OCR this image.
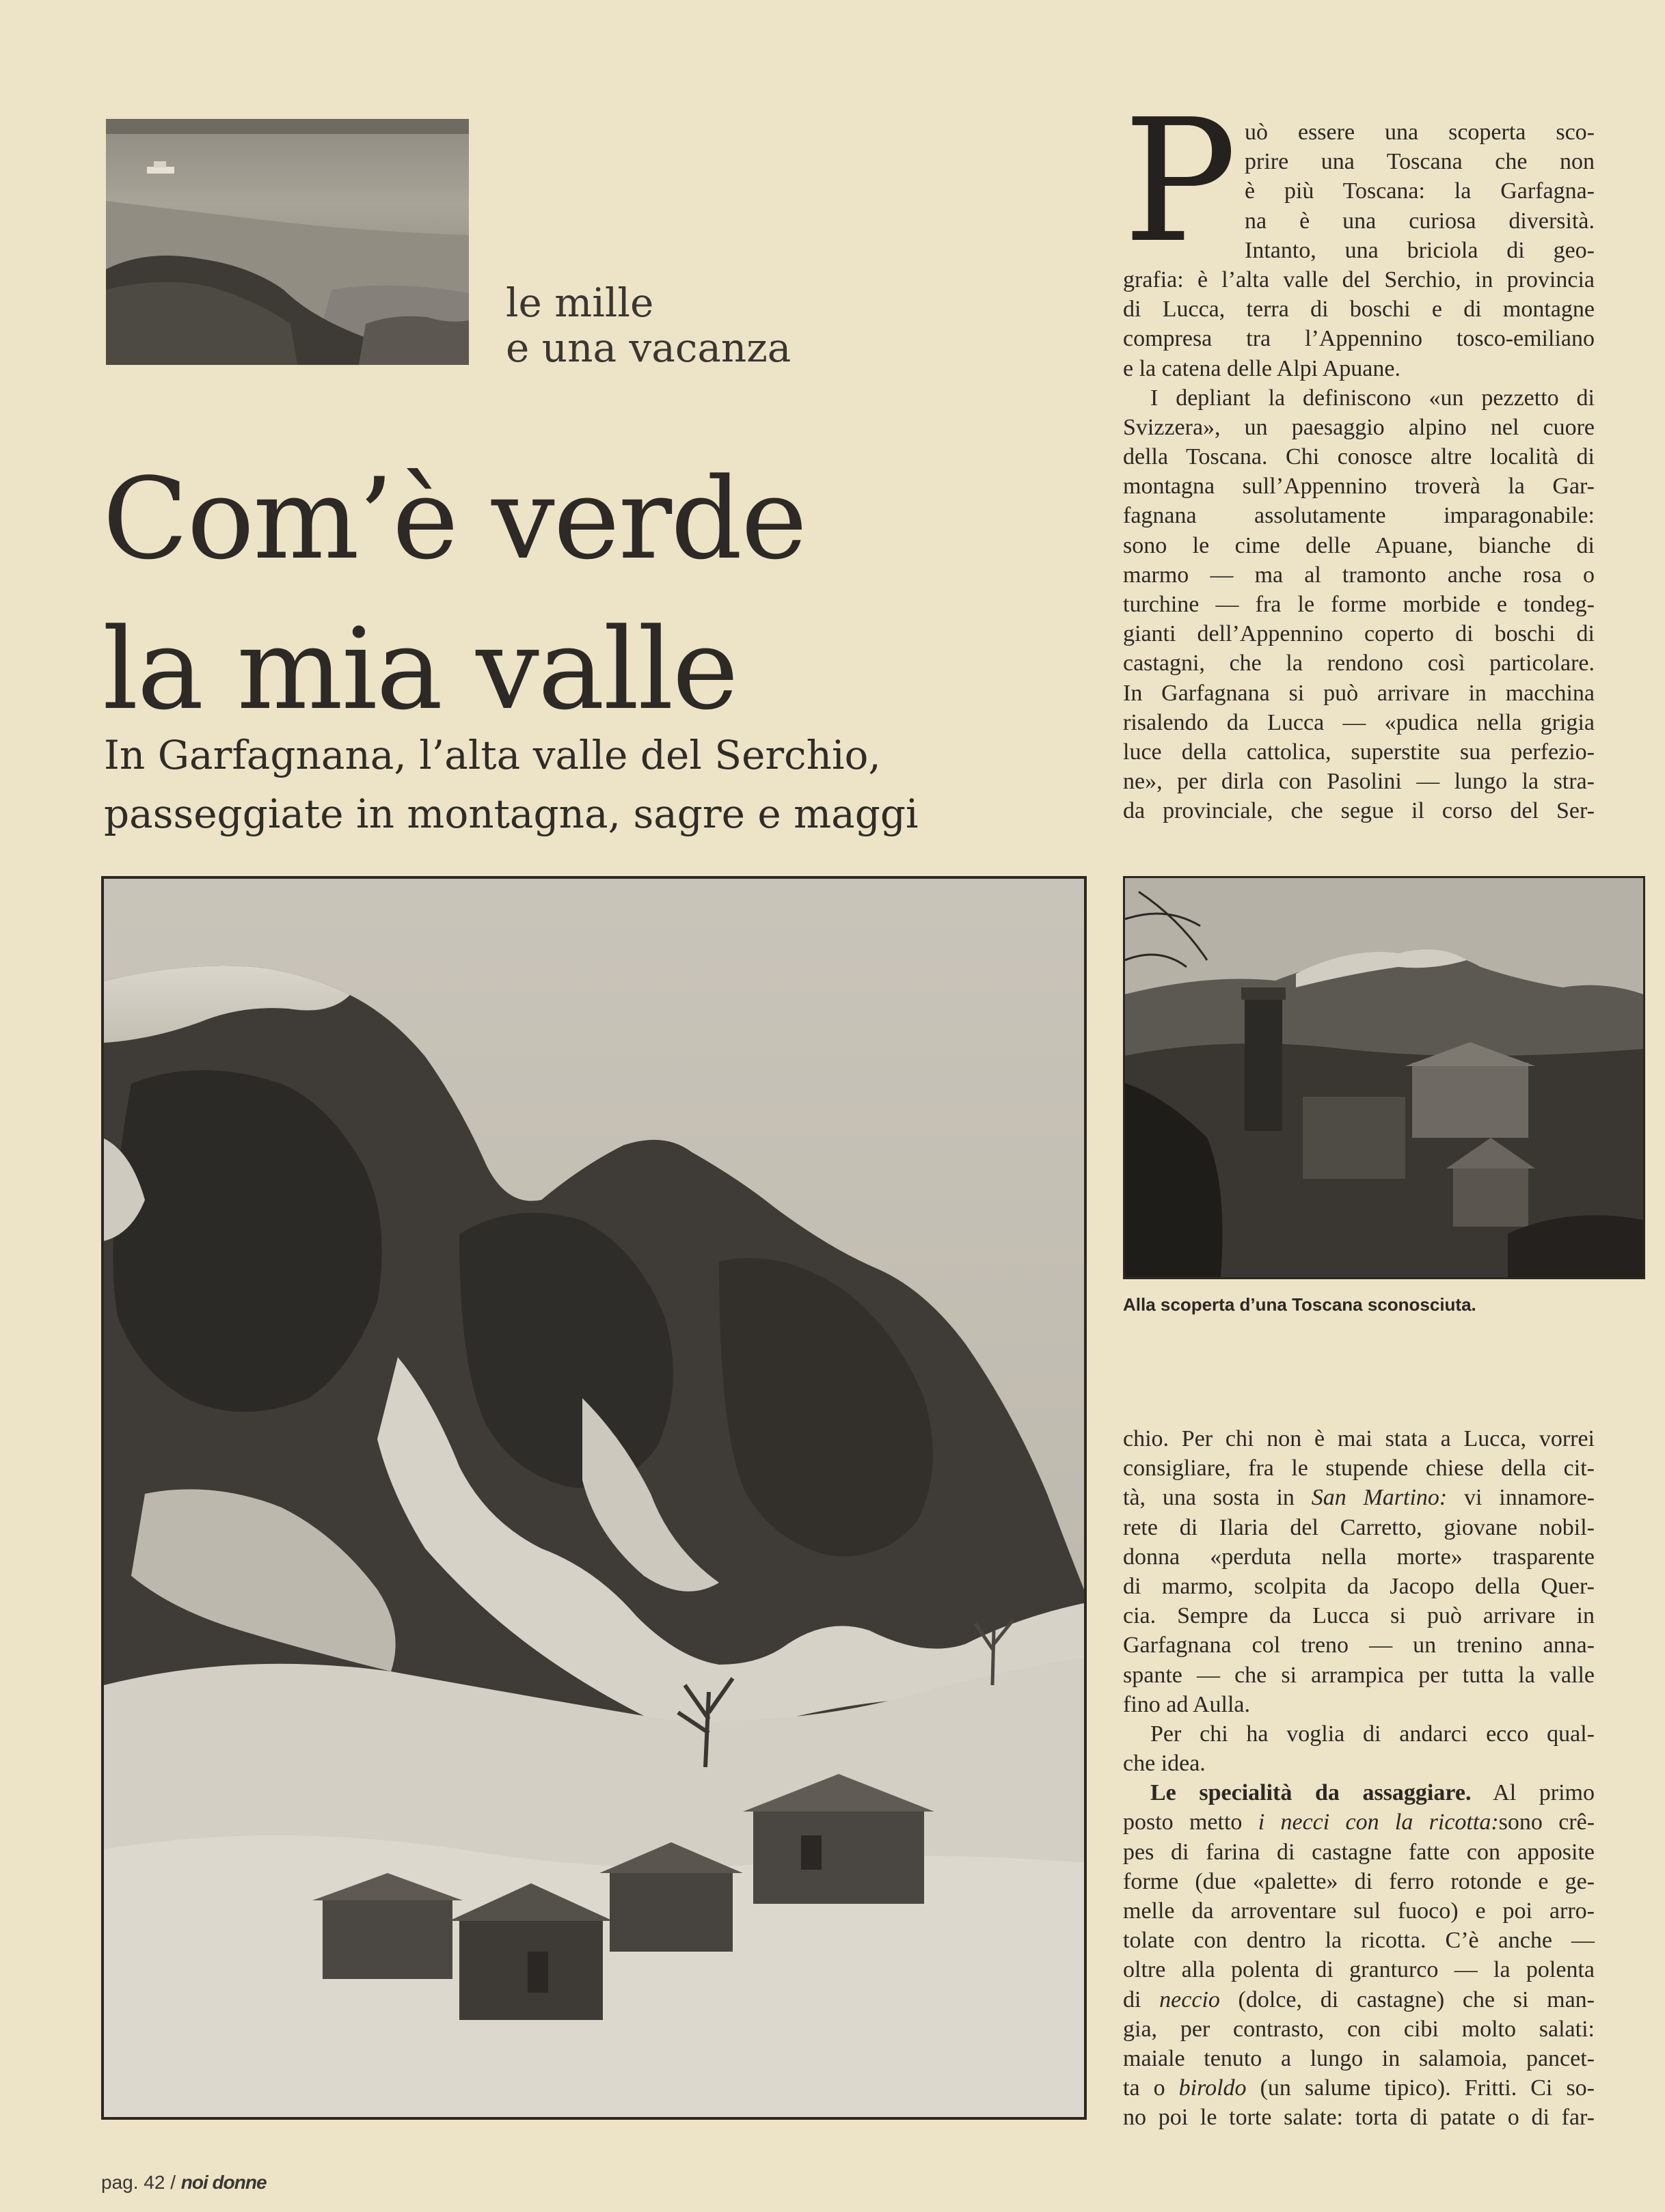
le mille
e una vacanza
Com’è verde
la mia valle
In Garfagnana, l’alta valle del Serchio,
passeggiate in montagna, sagre e maggi
P uò essere una scoperta sco-
prire una Toscana che non
è più Toscana: la Garfagna-
na è una curiosa diversità.
Intanto, una briciola di geo-
grafia: è l’alta valle del Serchio, in provincia
di Lucca, terra di boschi e di montagne
compresa tra l’Appennino tosco-emiliano
e la catena delle Alpi Apuane.
I depliant la definiscono «un pezzetto di
Svizzera», un paesaggio alpino nel cuore
della Toscana. Chi conosce altre località di
montagna sull’Appennino troverà la Gar-
fagnana assolutamente imparagonabile:
sono le cime delle Apuane, bianche di
marmo — ma al tramonto anche rosa o
turchine — fra le forme morbide e tondeg-
gianti dell’Appennino coperto di boschi di
castagni, che la rendono così particolare.
In Garfagnana si può arrivare in macchina
risalendo da Lucca — «pudica nella grigia
luce della cattolica, superstite sua perfezio-
ne», per dirla con Pasolini — lungo la stra-
da provinciale, che segue il corso del Ser-
Alla scoperta d’una Toscana sconosciuta.
chio. Per chi non è mai stata a Lucca, vorrei
consigliare, fra le stupende chiese della cit-
tà, una sosta in San Martino: vi innamore-
rete di Ilaria del Carretto, giovane nobil-
donna «perduta nella morte» trasparente
di marmo, scolpita da Jacopo della Quer-
cia. Sempre da Lucca si può arrivare in
Garfagnana col treno — un trenino anna-
spante — che si arrampica per tutta la valle
fino ad Aulla.
Per chi ha voglia di andarci ecco qual-
che idea.
Le specialità da assaggiare. Al primo
posto metto i necci con la ricotta:sono crê-
pes di farina di castagne fatte con apposite
forme (due «palette» di ferro rotonde e ge-
melle da arroventare sul fuoco) e poi arro-
tolate con dentro la ricotta. C’è anche —
oltre alla polenta di granturco — la polenta
di neccio (dolce, di castagne) che si man-
gia, per contrasto, con cibi molto salati:
maiale tenuto a lungo in salamoia, pancet-
ta o biroldo (un salume tipico). Fritti. Ci so-
no poi le torte salate: torta di patate o di far-
pag. 42 / noi donne
